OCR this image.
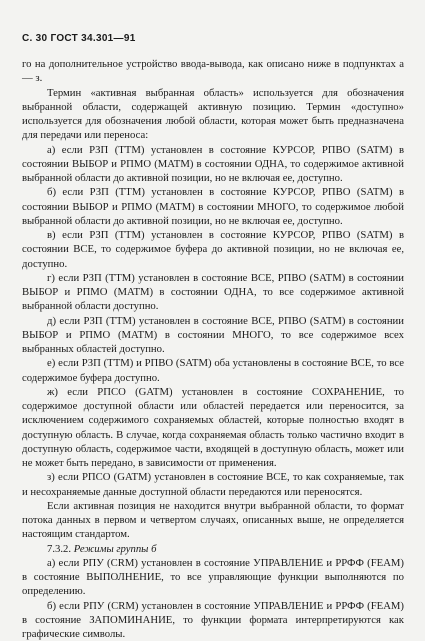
С. 30 ГОСТ 34.301—91

го на дополнительное устройство ввода-вывода, как описано ниже в подпунктах а — з.

Термин «активная выбранная область» используется для обозначения выбранной области, содержащей активную позицию. Термин «доступно» используется для обозначения любой области, которая может быть предназначена для передачи или переноса:

а) если РЗП (TTM) установлен в состояние КУРСОР, РПВО (SATM) в состоянии ВЫБОР и РПМО (MATM) в состоянии ОДНА, то содержимое активной выбранной области до активной позиции, но не включая ее, доступно.

б) если РЗП (TTM) установлен в состояние КУРСОР, РПВО (SATM) в состоянии ВЫБОР и РПМО (MATM) в состоянии МНОГО, то содержимое любой выбранной области до активной позиции, но не включая ее, доступно.

в) если РЗП (TTM) установлен в состояние КУРСОР, РПВО (SATM) в состоянии ВСЕ, то содержимое буфера до активной позиции, но не включая ее, доступно.

г) если РЗП (TTM) установлен в состояние ВСЕ, РПВО (SATM) в состоянии ВЫБОР и РПМО (MATM) в состоянии ОДНА, то все содержимое активной выбранной области доступно.

д) если РЗП (TTM) установлен в состояние ВСЕ, РПВО (SATM) в состоянии ВЫБОР и РПМО (MATM) в состоянии МНОГО, то все содержимое всех выбранных областей доступно.

е) если РЗП (TTM) и РПВО (SATM) оба установлены в состояние ВСЕ, то все содержимое буфера доступно.

ж) если РПСО (GATM) установлен в состояние СОХРАНЕНИЕ, то содержимое доступной области или областей передается или переносится, за исключением содержимого сохраняемых областей, которые полностью входят в доступную область. В случае, когда сохраняемая область только частично входит в доступную область, содержимое части, входящей в доступную область, может или не может быть передано, в зависимости от применения.

з) если РПСО (GATM) установлен в состояние ВСЕ, то как сохраняемые, так и несохраняемые данные доступной области передаются или переносятся.

Если активная позиция не находится внутри выбранной области, то формат потока данных в первом и четвертом случаях, описанных выше, не определяется настоящим стандартом.

7.3.2. Режимы группы б

а) если РПУ (CRM) установлен в состояние УПРАВЛЕНИЕ и РРФФ (FEAM) в состояние ВЫПОЛНЕНИЕ, то все управляющие функции выполняются по определению.

б) если РПУ (CRM) установлен в состояние УПРАВЛЕНИЕ и РРФФ (FEAM) в состояние ЗАПОМИНАНИЕ, то функции формата интерпретируются как графические символы.
